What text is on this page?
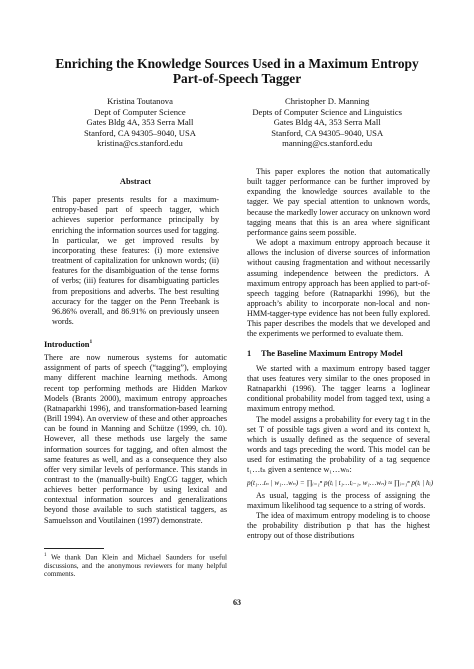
Enriching the Knowledge Sources Used in a Maximum Entropy
Part-of-Speech Tagger
Kristina Toutanova
Dept of Computer Science
Gates Bldg 4A, 353 Serra Mall
Stanford, CA 94305–9040, USA
kristina@cs.stanford.edu
Christopher D. Manning
Depts of Computer Science and Linguistics
Gates Bldg 4A, 353 Serra Mall
Stanford, CA 94305–9040, USA
manning@cs.stanford.edu
Abstract

This paper presents results for a maximum-entropy-based part of speech tagger, which achieves superior performance principally by enriching the information sources used for tagging. In particular, we get improved results by incorporating these features: (i) more extensive treatment of capitalization for unknown words; (ii) features for the disambiguation of the tense forms of verbs; (iii) features for disambiguating particles from prepositions and adverbs. The best resulting accuracy for the tagger on the Penn Treebank is 96.86% overall, and 86.91% on previously unseen words.

Introduction$^1$

There are now numerous systems for automatic assignment of parts of speech (“tagging”), employing many different machine learning methods. Among recent top performing methods are Hidden Markov Models (Brants 2000), maximum entropy approaches (Ratnaparkhi 1996), and transformation-based learning (Brill 1994). An overview of these and other approaches can be found in Manning and Schütze (1999, ch. 10). However, all these methods use largely the same information sources for tagging, and often almost the same features as well, and as a consequence they also offer very similar levels of performance. This stands in contrast to the (manually-built) EngCG tagger, which achieves better performance by using lexical and contextual information sources and generalizations beyond those available to such statistical taggers, as Samuelsson and Voutilainen (1997) demonstrate.

$^1$ We thank Dan Klein and Michael Saunders for useful discussions, and the anonymous reviewers for many helpful comments.

This paper explores the notion that automatically built tagger performance can be further improved by expanding the knowledge sources available to the tagger. We pay special attention to unknown words, because the markedly lower accuracy on unknown word tagging means that this is an area where significant performance gains seem possible.

We adopt a maximum entropy approach because it allows the inclusion of diverse sources of information without causing fragmentation and without necessarily assuming independence between the predictors. A maximum entropy approach has been applied to part-of-speech tagging before (Ratnaparkhi 1996), but the approach’s ability to incorporate non-local and non-HMM-tagger-type evidence has not been fully explored. This paper describes the models that we developed and the experiments we performed to evaluate them.

1	The Baseline Maximum Entropy Model

We started with a maximum entropy based tagger that uses features very similar to the ones proposed in Ratnaparkhi (1996). The tagger learns a loglinear conditional probability model from tagged text, using a maximum entropy method.

The model assigns a probability for every tag t in the set T of possible tags given a word and its context h, which is usually defined as the sequence of several words and tags preceding the word. This model can be used for estimating the probability of a tag sequence t₁…tₙ given a sentence w₁…wₙ:

p(t₁…tₙ | w₁…wₙ) = ∏ᵢ₌₁ⁿ p(tᵢ | t₁…tᵢ₋₁, w₁…wₙ) ≈ ∏ᵢ₌₁ⁿ p(tᵢ | hᵢ)

As usual, tagging is the process of assigning the maximum likelihood tag sequence to a string of words.

The idea of maximum entropy modeling is to choose the probability distribution p that has the highest entropy out of those distributions

63
